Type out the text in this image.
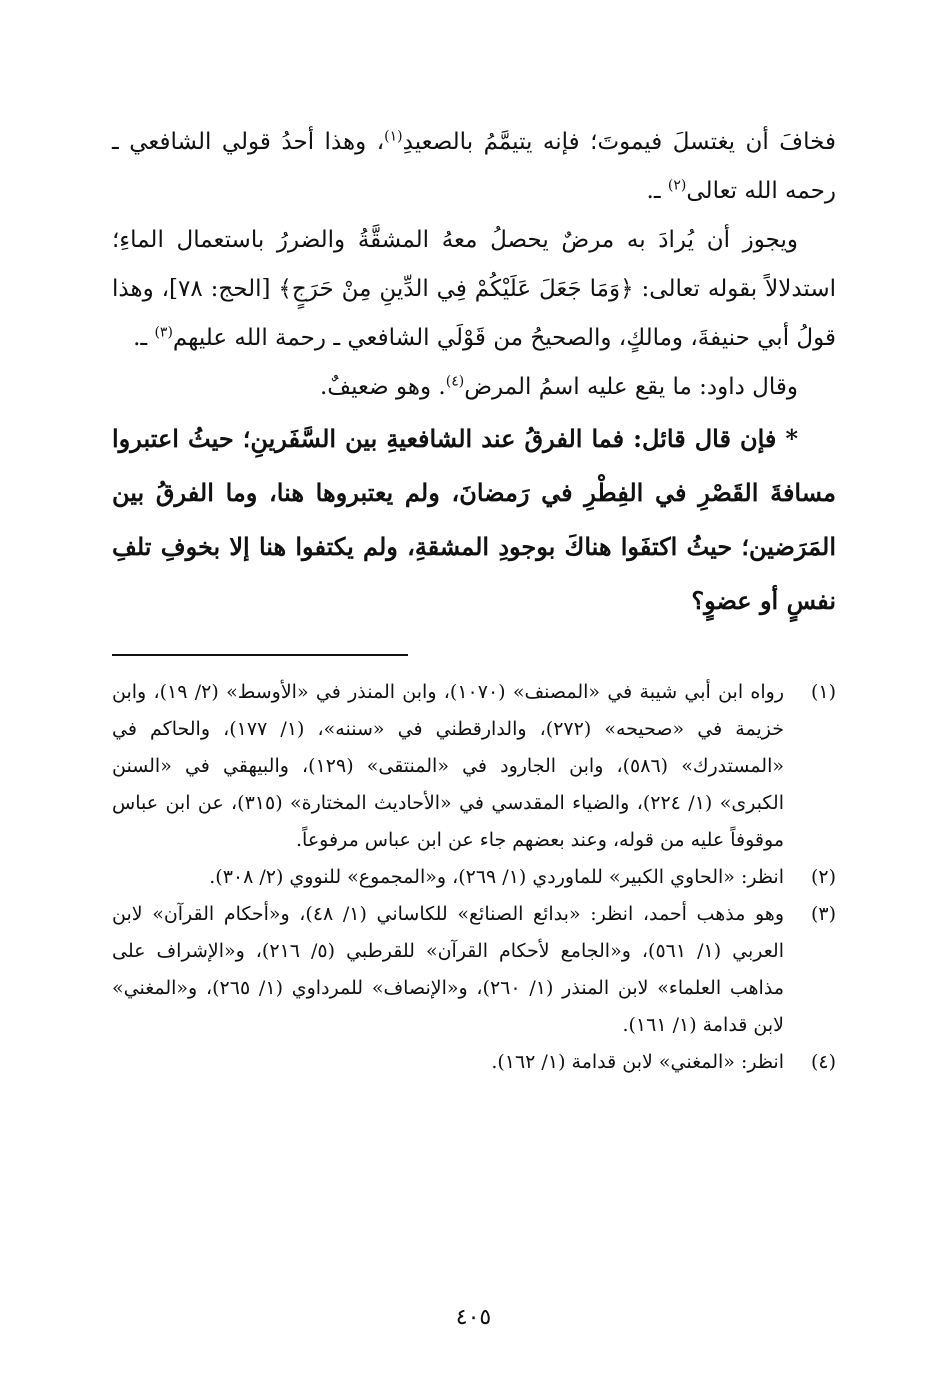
فخافَ أن يغتسلَ فيموتَ؛ فإنه يتيمَّمُ بالصعيدِ$^{(١)}$، وهذا أحدُ قولي الشافعي ـ رحمه الله تعالى$^{(٢)}$ ـ.

ويجوز أن يُرادَ به مرضٌ يحصلُ معهُ المشقَّةُ والضررُ باستعمال الماءِ؛ استدلالاً بقوله تعالى: ﴿وَمَا جَعَلَ عَلَيْكُمْ فِي الدِّينِ مِنْ حَرَجٍ﴾ [الحج: ٧٨]، وهذا قولُ أبي حنيفةَ، ومالكٍ، والصحيحُ من قَوْلَي الشافعي ـ رحمة الله عليهم$^{(٣)}$ ـ.

وقال داود: ما يقع عليه اسمُ المرض$^{(٤)}$. وهو ضعيفٌ.

* فإن قال قائل: فما الفرقُ عند الشافعيةِ بين السَّفَرينِ؛ حيثُ اعتبروا مسافةَ القَصْرِ في الفِطْرِ في رَمضانَ، ولم يعتبروها هنا، وما الفرقُ بين المَرَضين؛ حيثُ اكتفَوا هناكَ بوجودِ المشقةِ، ولم يكتفوا هنا إلا بخوفِ تلفِ نفسٍ أو عضوٍ؟

(١)
رواه ابن أبي شيبة في «المصنف» (١٠٧٠)، وابن المنذر في «الأوسط» (٢/ ١٩)، وابن خزيمة في «صحيحه» (٢٧٢)، والدارقطني في «سننه»، (١/ ١٧٧)، والحاكم في «المستدرك» (٥٨٦)، وابن الجارود في «المنتقى» (١٢٩)، والبيهقي في «السنن الكبرى» (١/ ٢٢٤)، والضياء المقدسي في «الأحاديث المختارة» (٣١٥)، عن ابن عباس موقوفاً عليه من قوله، وعند بعضهم جاء عن ابن عباس مرفوعاً.
(٢)
انظر: «الحاوي الكبير» للماوردي (١/ ٢٦٩)، و«المجموع» للنووي (٢/ ٣٠٨).
(٣)
وهو مذهب أحمد، انظر: «بدائع الصنائع» للكاساني (١/ ٤٨)، و«أحكام القرآن» لابن العربي (١/ ٥٦١)، و«الجامع لأحكام القرآن» للقرطبي (٥/ ٢١٦)، و«الإشراف على مذاهب العلماء» لابن المنذر (١/ ٢٦٠)، و«الإنصاف» للمرداوي (١/ ٢٦٥)، و«المغني» لابن قدامة (١/ ١٦١).
(٤)
انظر: «المغني» لابن قدامة (١/ ١٦٢).
٤٠٥
